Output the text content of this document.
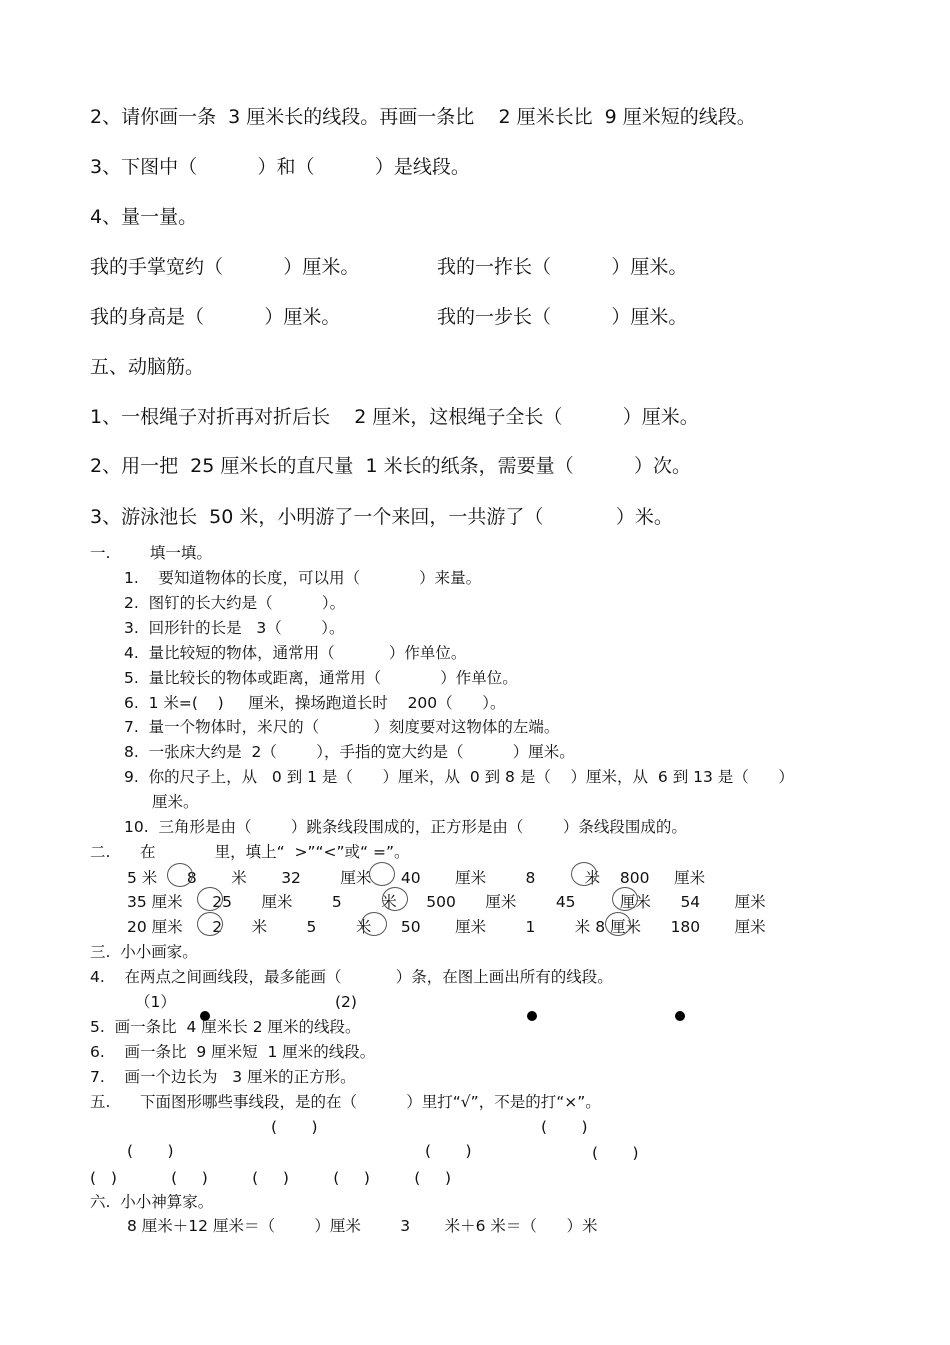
2、请你画一条  3 厘米长的线段。再画一条比    2 厘米长比  9 厘米短的线段。
3、下图中（          ）和（          ）是线段。
4、量一量。
我的手掌宽约（          ）厘米。	我的一拃长（          ）厘米。
我的身高是（          ）厘米。	我的一步长（          ）厘米。
五、动脑筋。
1、一根绳子对折再对折后长    2 厘米，这根绳子全长（          ）厘米。
2、用一把  25 厘米长的直尺量  1 米长的纸条，需要量（          ）次。
3、游泳池长  50 米，小明游了一个来回，一共游了（            ）米。
一.        填一填。
1.    要知道物体的长度，可以用（            ）来量。
2.  图钉的长大约是（          ）。
3.  回形针的长是   3（        ）。
4.  量比较短的物体，通常用（           ）作单位。
5.  量比较长的物体或距离，通常用（            ）作单位。
6.  1 米=(    )     厘米，操场跑道长时    200（      ）。
7.  量一个物体时，米尺的（           ）刻度要对这物体的左端。
8.  一张床大约是  2（        ），手指的宽大约是（          ）厘米。
9.  你的尺子上，从   0 到 1 是（      ）厘米，从  0 到 8 是（    ）厘米，从  6 到 13 是（      ）
厘米。
10.  三角形是由（        ）跳条线段围成的，正方形是由（        ）条线段围成的。
二.      在            里，填上“  >”“<”或“ =”。
5 米      8       米       32        厘米      40       厘米        8          米    800     厘米
35 厘米      25      厘米        5        米      500      厘米        45         厘米      54       厘米
20 厘米      2      米        5        米      50       厘米        1        米 8 厘米      180       厘米
三.  小小画家。
4.    在两点之间画线段，最多能画（           ）条，在图上画出所有的线段。
（1）	(2)
5.  画一条比  4 厘米长 2 厘米的线段。
6.    画一条比  9 厘米短  1 厘米的线段。
7.    画一个边长为   3 厘米的正方形。
五.      下面图形哪些事线段，是的在（          ）里打“√”，不是的打“×”。
(       )	(       )
(       )	(       )	(       )
(   )           (     )         (     )         (     )         (     )
六.  小小神算家。
8 厘米＋12 厘米＝（        ）厘米        3       米＋6 米＝（      ）米
